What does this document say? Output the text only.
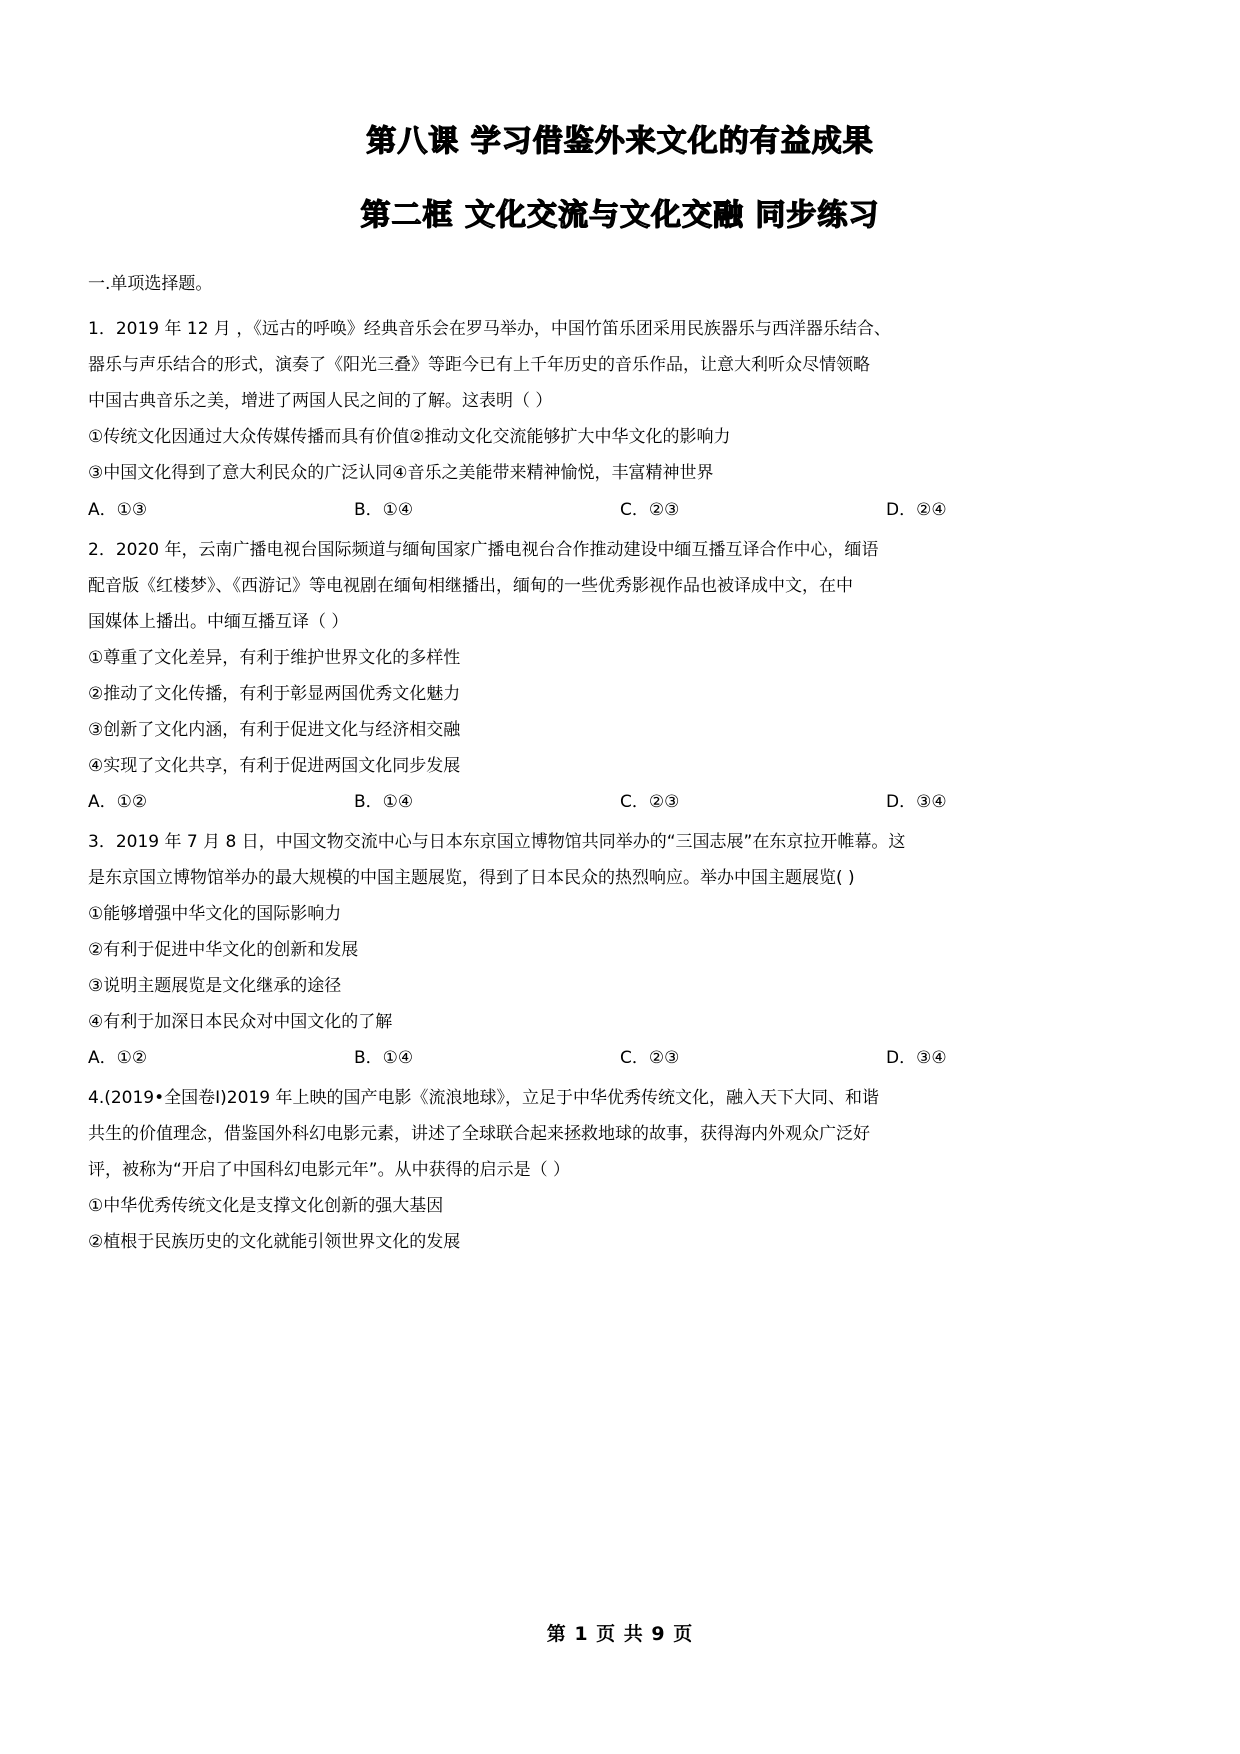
第八课 学习借鉴外来文化的有益成果
第二框 文化交流与文化交融 同步练习

一.单项选择题。

1．2019 年 12 月 ，《远古的呼唤》经典音乐会在罗马举办，中国竹笛乐团采用民族器乐与西洋器乐结合、

器乐与声乐结合的形式，演奏了《阳光三叠》等距今已有上千年历史的音乐作品，让意大利听众尽情领略

中国古典音乐之美，增进了两国人民之间的了解。这表明（ ）

①传统文化因通过大众传媒传播而具有价值②推动文化交流能够扩大中华文化的影响力

③中国文化得到了意大利民众的广泛认同④音乐之美能带来精神愉悦，丰富精神世界

A．①③	B．①④	C．②③	D．②④

2．2020 年，云南广播电视台国际频道与缅甸国家广播电视台合作推动建设中缅互播互译合作中心，缅语

配音版《红楼梦》、《西游记》等电视剧在缅甸相继播出，缅甸的一些优秀影视作品也被译成中文，在中

国媒体上播出。中缅互播互译（ ）

①尊重了文化差异，有利于维护世界文化的多样性

②推动了文化传播，有利于彰显两国优秀文化魅力

③创新了文化内涵，有利于促进文化与经济相交融

④实现了文化共享，有利于促进两国文化同步发展

A．①②	B．①④	C．②③	D．③④

3．2019 年 7 月 8 日，中国文物交流中心与日本东京国立博物馆共同举办的“三国志展”在东京拉开帷幕。这

是东京国立博物馆举办的最大规模的中国主题展览，得到了日本民众的热烈响应。举办中国主题展览( )

①能够增强中华文化的国际影响力

②有利于促进中华文化的创新和发展

③说明主题展览是文化继承的途径

④有利于加深日本民众对中国文化的了解

A．①②	B．①④	C．②③	D．③④

4.(2019•全国卷Ⅰ)2019 年上映的国产电影《流浪地球》，立足于中华优秀传统文化，融入天下大同、和谐

共生的价值理念，借鉴国外科幻电影元素，讲述了全球联合起来拯救地球的故事，获得海内外观众广泛好

评，被称为“开启了中国科幻电影元年”。从中获得的启示是（ ）

①中华优秀传统文化是支撑文化创新的强大基因

②植根于民族历史的文化就能引领世界文化的发展

第 1 页 共 9 页
